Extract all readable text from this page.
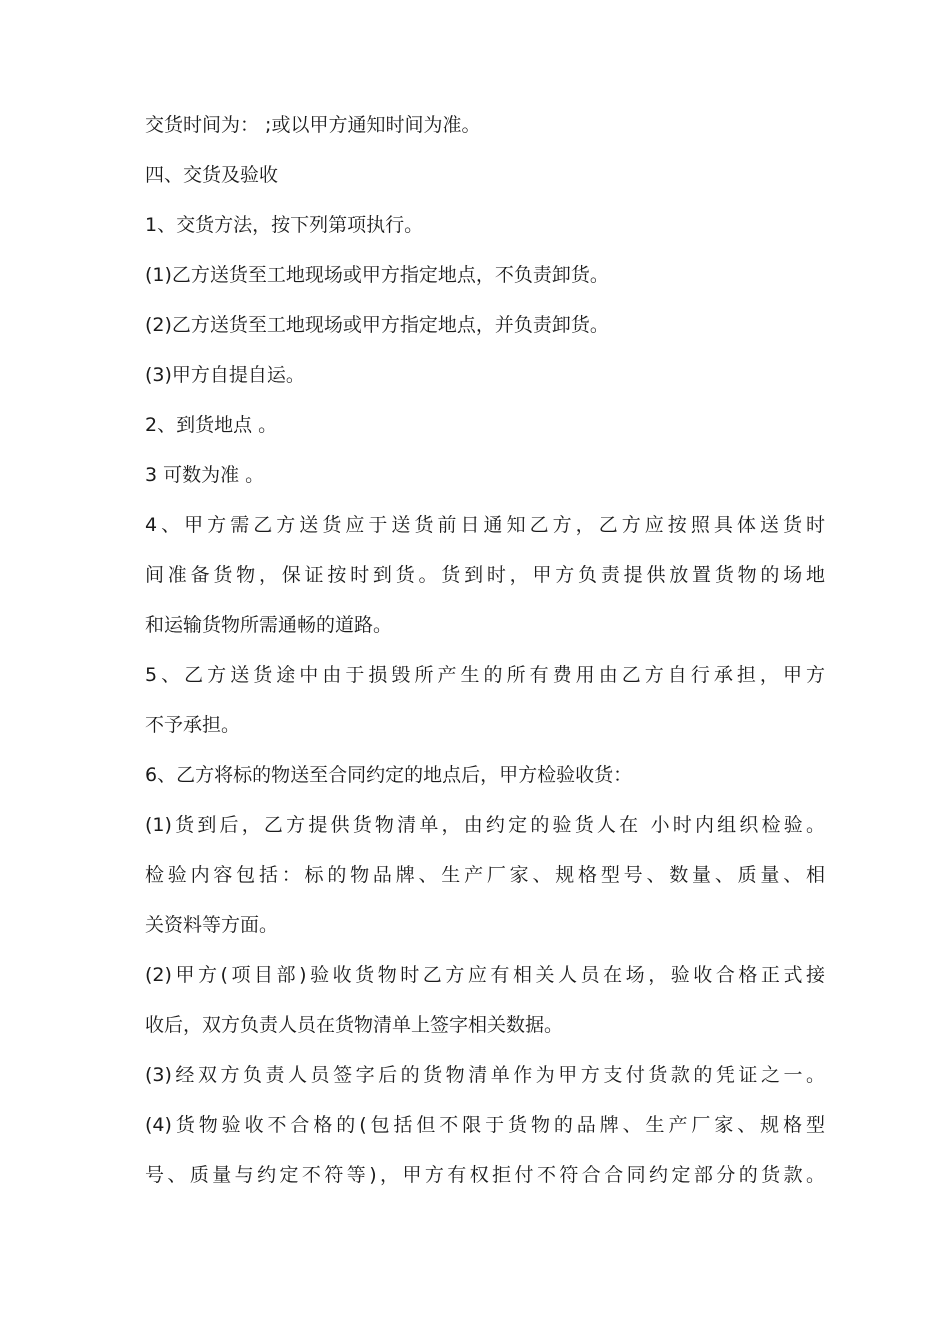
交货时间为： ;或以甲方通知时间为准。
四、交货及验收
1、交货方法，按下列第项执行。
(1)乙方送货至工地现场或甲方指定地点，不负责卸货。
(2)乙方送货至工地现场或甲方指定地点，并负责卸货。
(3)甲方自提自运。
2、到货地点 。
3 可数为准 。
4、甲方需乙方送货应于送货前日通知乙方，乙方应按照具体送货时
间准备货物，保证按时到货。货到时，甲方负责提供放置货物的场地
和运输货物所需通畅的道路。
5、乙方送货途中由于损毁所产生的所有费用由乙方自行承担，甲方
不予承担。
6、乙方将标的物送至合同约定的地点后，甲方检验收货：
(1)货到后，乙方提供货物清单，由约定的验货人在 小时内组织检验。
检验内容包括：标的物品牌、生产厂家、规格型号、数量、质量、相
关资料等方面。
(2)甲方(项目部)验收货物时乙方应有相关人员在场，验收合格正式接
收后，双方负责人员在货物清单上签字相关数据。
(3)经双方负责人员签字后的货物清单作为甲方支付货款的凭证之一。
(4)货物验收不合格的(包括但不限于货物的品牌、生产厂家、规格型
号、质量与约定不符等)，甲方有权拒付不符合合同约定部分的货款。
